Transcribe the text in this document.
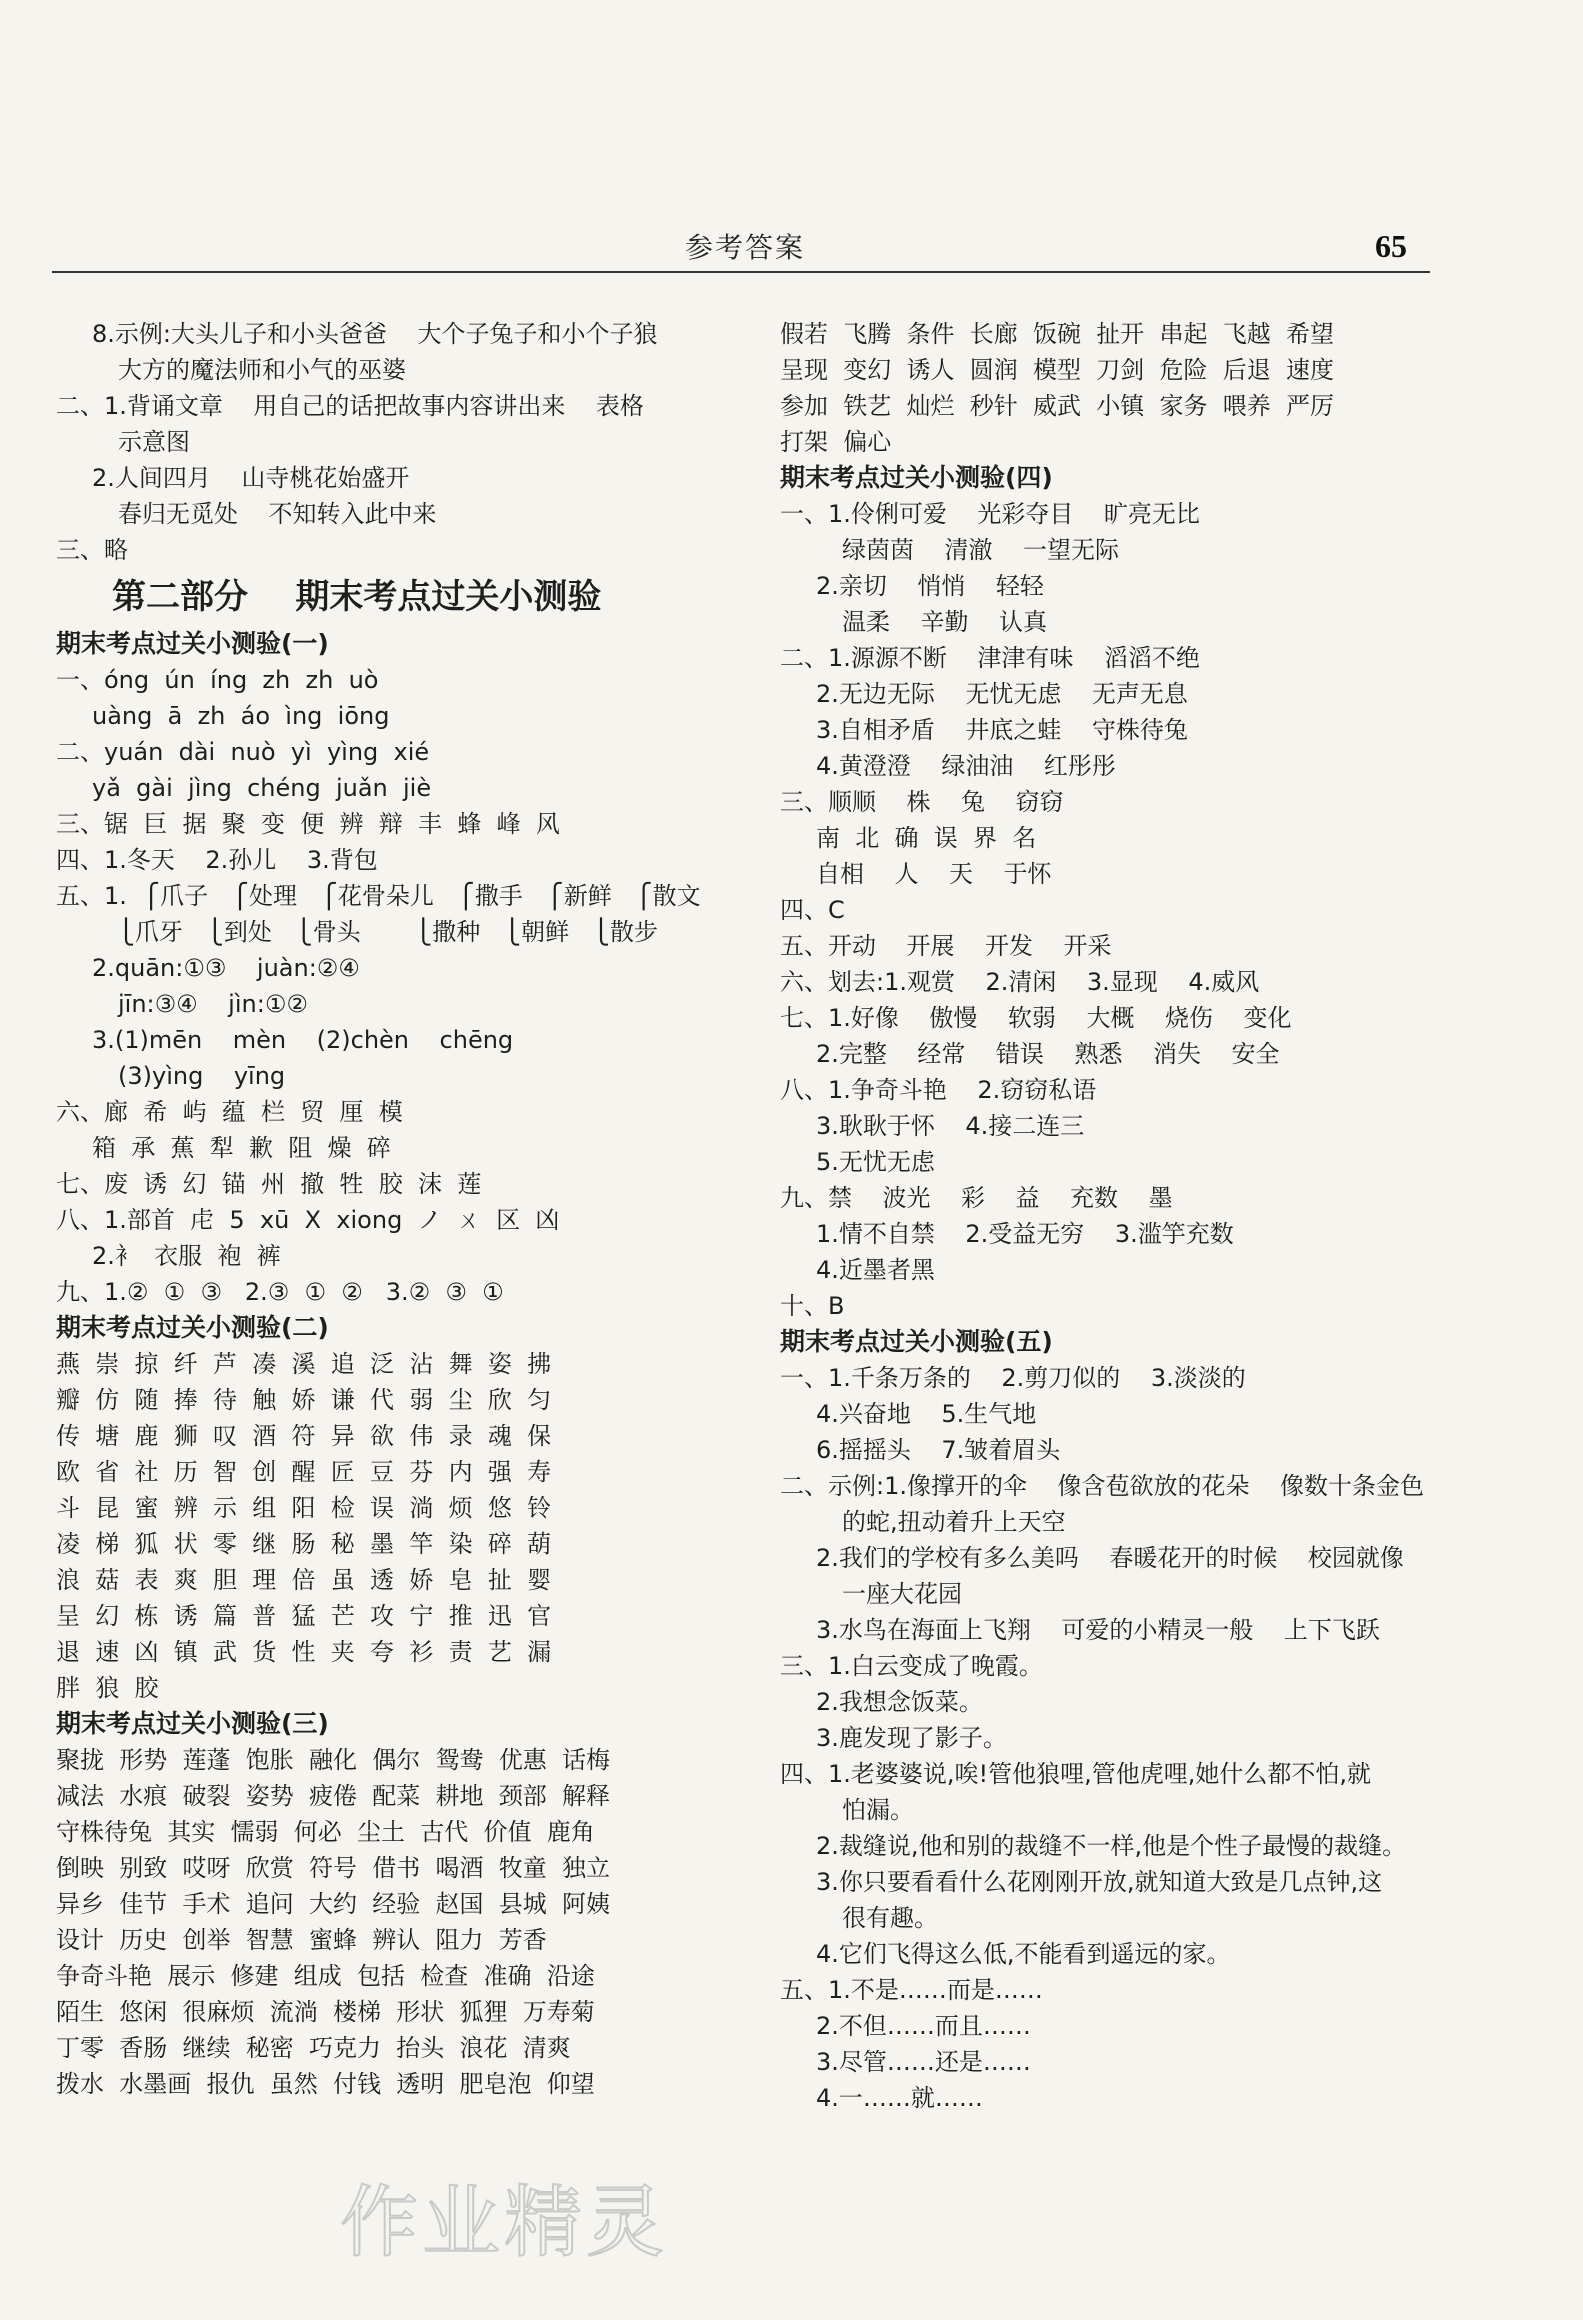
参考答案	65
8.示例:大头儿子和小头爸爸    大个子兔子和小个子狼
大方的魔法师和小气的巫婆
二、1.背诵文章    用自己的话把故事内容讲出来    表格
示意图
2.人间四月    山寺桃花始盛开
春归无觅处    不知转入此中来
三、略
第二部分    期末考点过关小测验
期末考点过关小测验(一)
一、óng  ún  íng  zh  zh  uò
uàng  ā  zh  áo  ìng  iōng
二、yuán  dài  nuò  yì  yìng  xié
yǎ  gài  jìng  chéng  juǎn  jiè
三、锯  巨  据  聚  变  便  辨  辩  丰  蜂  峰  风
四、1.冬天    2.孙儿    3.背包
五、1.  ⎧爪子   ⎧处理   ⎧花骨朵儿   ⎧撒手   ⎧新鲜   ⎧散文
⎩爪牙   ⎩到处   ⎩骨头       ⎩撒种   ⎩朝鲜   ⎩散步
2.quān:①③    juàn:②④
jīn:③④    jìn:①②
3.(1)mēn    mèn    (2)chèn    chēng
(3)yìng    yīng
六、廊  希  屿  蕴  栏  贸  厘  模
箱  承  蕉  犁  歉  阻  燥  碎
七、废  诱  幻  锚  州  撤  牲  胶  沫  莲
八、1.部首  虍  5  xū  X  xiong  ノ  ㄨ  区  凶
2.衤  衣服  袍  裤
九、1.②  ①  ③   2.③  ①  ②   3.②  ③  ①
期末考点过关小测验(二)
燕  崇  掠  纤  芦  凑  溪  追  泛  沾  舞  姿  拂
瓣  仿  随  捧  待  触  娇  谦  代  弱  尘  欣  匀
传  塘  鹿  狮  叹  酒  符  异  欲  伟  录  魂  保
欧  省  社  历  智  创  醒  匠  豆  芬  内  强  寿
斗  昆  蜜  辨  示  组  阳  检  误  淌  烦  悠  铃
凌  梯  狐  状  零  继  肠  秘  墨  竿  染  碎  葫
浪  菇  表  爽  胆  理  倍  虽  透  娇  皂  扯  婴
呈  幻  栋  诱  篇  普  猛  芒  攻  宁  推  迅  官
退  速  凶  镇  武  货  性  夹  夸  衫  责  艺  漏
胖  狼  胶
期末考点过关小测验(三)
聚拢  形势  莲蓬  饱胀  融化  偶尔  鸳鸯  优惠  话梅
减法  水痕  破裂  姿势  疲倦  配菜  耕地  颈部  解释
守株待兔  其实  懦弱  何必  尘土  古代  价值  鹿角
倒映  别致  哎呀  欣赏  符号  借书  喝酒  牧童  独立
异乡  佳节  手术  追问  大约  经验  赵国  县城  阿姨
设计  历史  创举  智慧  蜜蜂  辨认  阻力  芳香
争奇斗艳  展示  修建  组成  包括  检查  准确  沿途
陌生  悠闲  很麻烦  流淌  楼梯  形状  狐狸  万寿菊
丁零  香肠  继续  秘密  巧克力  抬头  浪花  清爽
拨水  水墨画  报仇  虽然  付钱  透明  肥皂泡  仰望
假若  飞腾  条件  长廊  饭碗  扯开  串起  飞越  希望
呈现  变幻  诱人  圆润  模型  刀剑  危险  后退  速度
参加  铁艺  灿烂  秒针  威武  小镇  家务  喂养  严厉
打架  偏心
期末考点过关小测验(四)
一、1.伶俐可爱    光彩夺目    旷亮无比
绿茵茵    清澈    一望无际
2.亲切    悄悄    轻轻
温柔    辛勤    认真
二、1.源源不断    津津有味    滔滔不绝
2.无边无际    无忧无虑    无声无息
3.自相矛盾    井底之蛙    守株待兔
4.黄澄澄    绿油油    红彤彤
三、顺顺    株    兔    窃窃
南  北  确  误  界  名
自相    人    天    于怀
四、C
五、开动    开展    开发    开采
六、划去:1.观赏    2.清闲    3.显现    4.威风
七、1.好像    傲慢    软弱    大概    烧伤    变化
2.完整    经常    错误    熟悉    消失    安全
八、1.争奇斗艳    2.窃窃私语
3.耿耿于怀    4.接二连三
5.无忧无虑
九、禁    波光    彩    益    充数    墨
1.情不自禁    2.受益无穷    3.滥竽充数
4.近墨者黑
十、B
期末考点过关小测验(五)
一、1.千条万条的    2.剪刀似的    3.淡淡的
4.兴奋地    5.生气地
6.摇摇头    7.皱着眉头
二、示例:1.像撑开的伞    像含苞欲放的花朵    像数十条金色
的蛇,扭动着升上天空
2.我们的学校有多么美吗    春暖花开的时候    校园就像
一座大花园
3.水鸟在海面上飞翔    可爱的小精灵一般    上下飞跃
三、1.白云变成了晚霞。
2.我想念饭菜。
3.鹿发现了影子。
四、1.老婆婆说,唉!管他狼哩,管他虎哩,她什么都不怕,就
怕漏。
2.裁缝说,他和别的裁缝不一样,他是个性子最慢的裁缝。
3.你只要看看什么花刚刚开放,就知道大致是几点钟,这
很有趣。
4.它们飞得这么低,不能看到遥远的家。
五、1.不是……而是……
2.不但……而且……
3.尽管……还是……
4.一……就……
作业精灵
